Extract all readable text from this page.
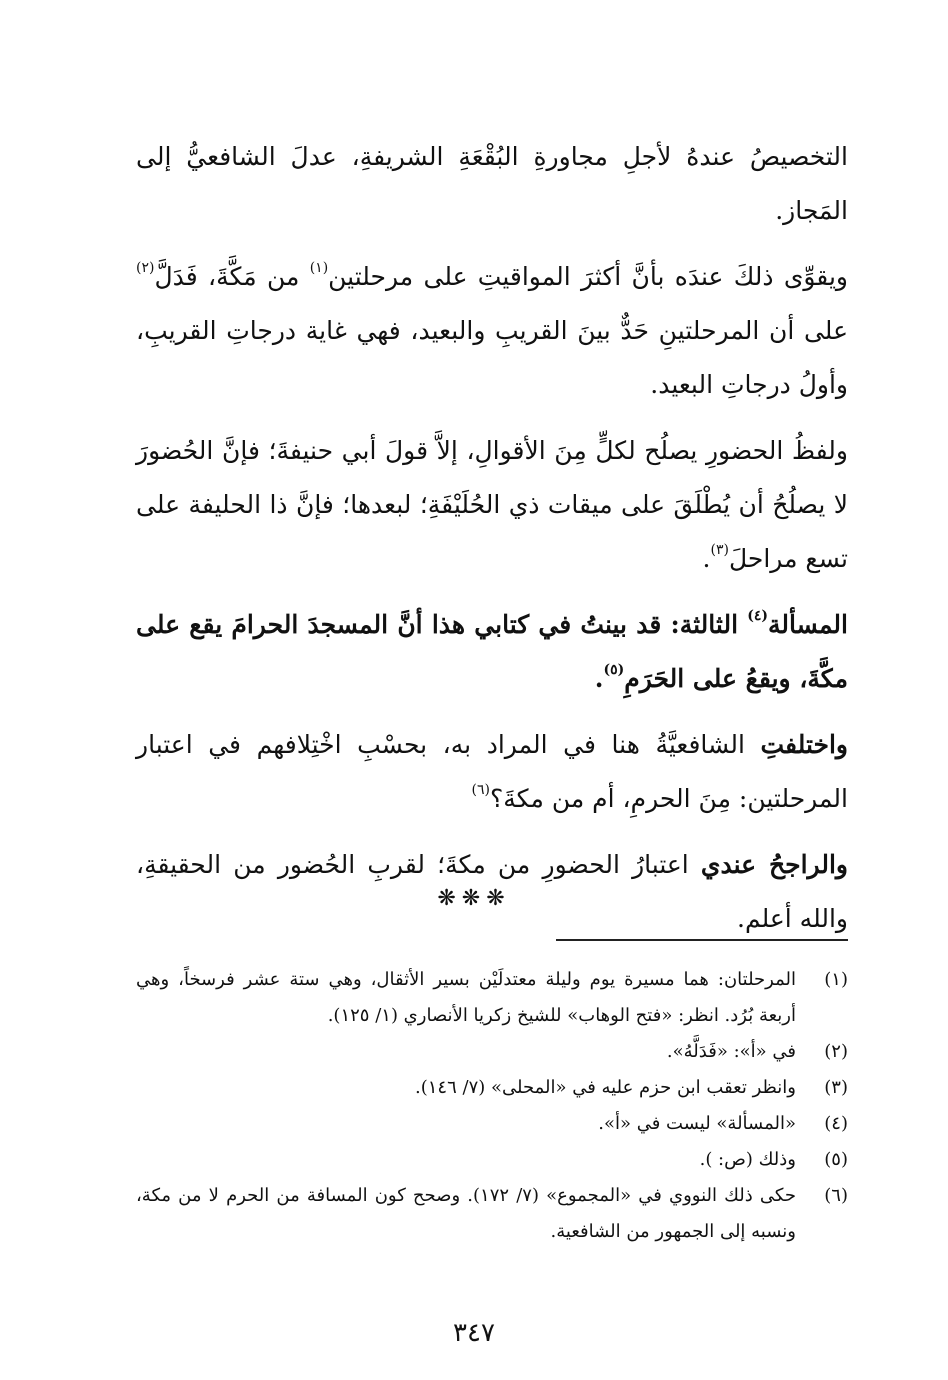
التخصيصُ عندهُ لأجلِ مجاورةِ البُقْعَةِ الشريفةِ، عدلَ الشافعيُّ إلى المَجاز.

ويقوِّى ذلكَ عندَه بأنَّ أكثرَ المواقيتِ على مرحلتين$^{(١)}$ من مَكَّةَ، فَدَلَّ$^{(٢)}$ على أن المرحلتينِ حَدٌّ بينَ القريبِ والبعيد، فهي غاية درجاتِ القريبِ، وأولُ درجاتِ البعيد.

ولفظُ الحضورِ يصلُح لكلٍّ مِنَ الأقوالِ، إلاَّ قولَ أبي حنيفةَ؛ فإنَّ الحُضورَ لا يصلُحُ أن يُطْلَقَ على ميقات ذي الحُلَيْفَةِ؛ لبعدها؛ فإنَّ ذا الحليفة على تسع مراحلَ$^{(٣)}$.

المسألة$^{(٤)}$ الثالثة: قد بينتُ في كتابي هذا أنَّ المسجدَ الحرامَ يقع على مكَّةَ، ويقعُ على الحَرَمِ$^{(٥)}$.

واختلفتِ الشافعيَّةُ هنا في المراد به، بحسْبِ اخْتِلافهم في اعتبار المرحلتين: مِنَ الحرمِ، أم من مكةَ؟$^{(٦)}$

والراجحُ عندي اعتبارُ الحضورِ من مكةَ؛ لقربِ الحُضور من الحقيقةِ، والله أعلم.

❋❋❋
(١)
المرحلتان: هما مسيرة يوم وليلة معتدلَيْن بسير الأثقال، وهي ستة عشر فرسخاً، وهي أربعة بُرُد. انظر: «فتح الوهاب» للشيخ زكريا الأنصاري (١/ ١٢٥).
(٢)
في «أ»: «فَدَلَّهُ».
(٣)
وانظر تعقب ابن حزم عليه في «المحلى» (٧/ ١٤٦).
(٤)
«المسألة» ليست في «أ».
(٥)
وذلك (ص: ).
(٦)
حكى ذلك النووي في «المجموع» (٧/ ١٧٢). وصحح كون المسافة من الحرم لا من مكة، ونسبه إلى الجمهور من الشافعية.
٣٤٧
